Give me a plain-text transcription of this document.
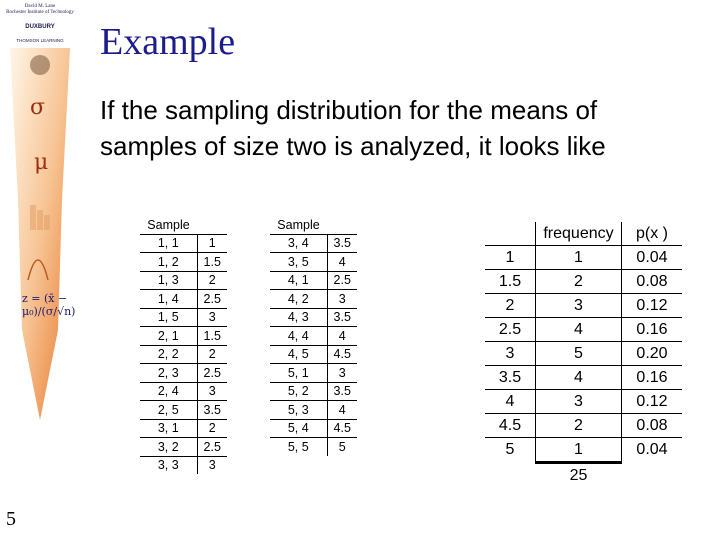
David M. Lane
Rochester Institute of Technology
DUXBURY
THOMSON LEARNING
σ
μ
z = (x̄ − μ₀)/(σ/√n)
5
Example

If the sampling distribution for the means of samples of size two is analyzed, it looks like

Sample	
1, 1	1
1, 2	1.5
1, 3	2
1, 4	2.5
1, 5	3
2, 1	1.5
2, 2	2
2, 3	2.5
2, 4	3
2, 5	3.5
3, 1	2
3, 2	2.5
3, 3	3
Sample	
3, 4	3.5
3, 5	4
4, 1	2.5
4, 2	3
4, 3	3.5
4, 4	4
4, 5	4.5
5, 1	3
5, 2	3.5
5, 3	4
5, 4	4.5
5, 5	5
	frequency	p(x )
1	1	0.04
1.5	2	0.08
2	3	0.12
2.5	4	0.16
3	5	0.20
3.5	4	0.16
4	3	0.12
4.5	2	0.08
5	1	0.04
	25	
